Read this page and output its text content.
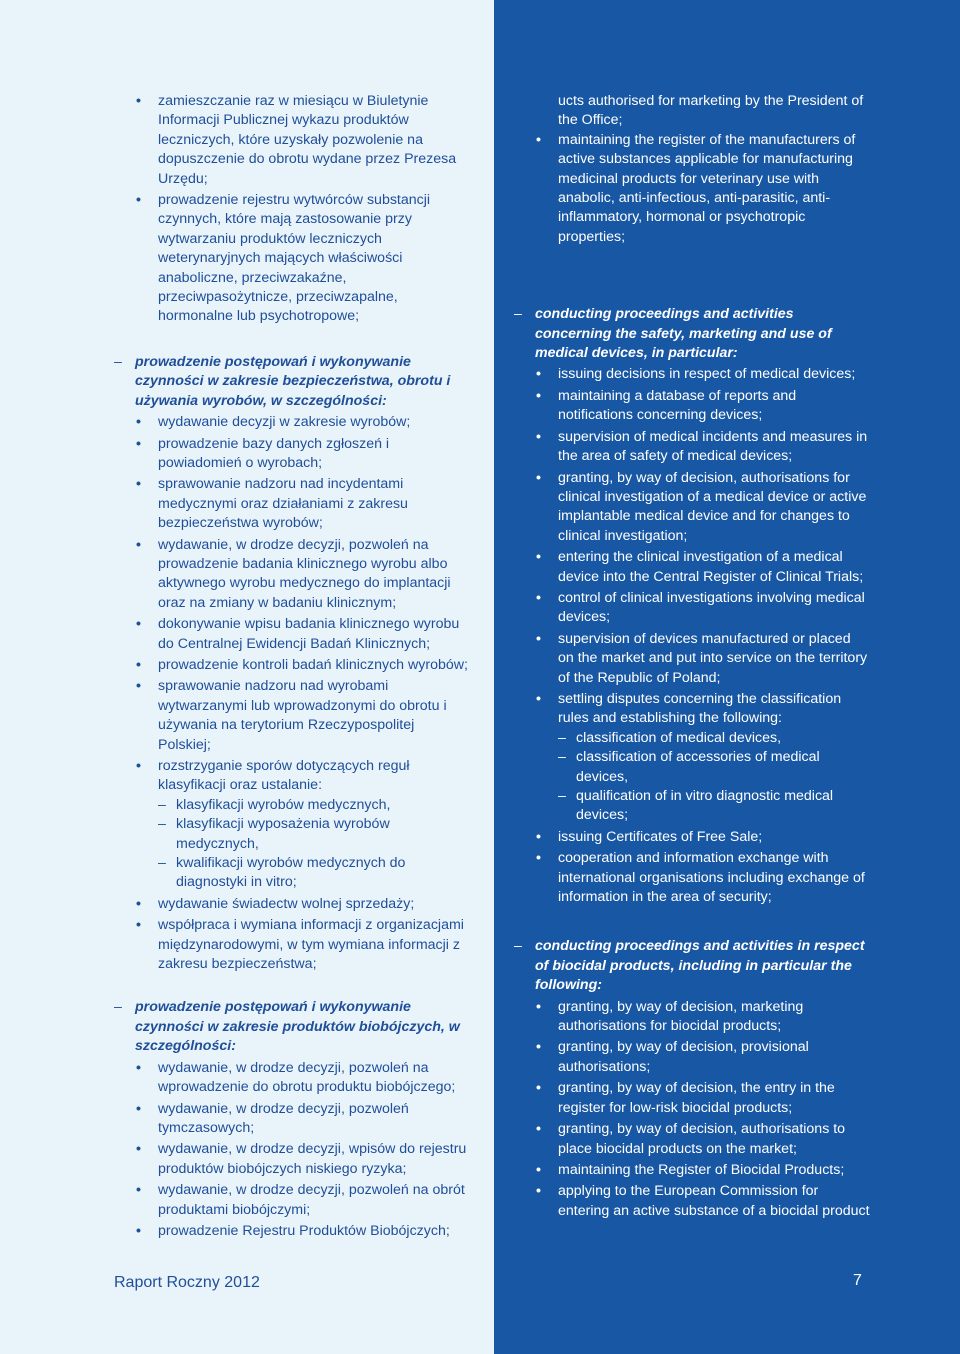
• zamieszczanie raz w miesiącu w Biuletynie Informacji Publicznej wykazu produktów leczniczych, które uzyskały pozwolenie na dopuszczenie do obrotu wydane przez Prezesa Urzędu;
• prowadzenie rejestru wytwórców substancji czynnych, które mają zastosowanie przy wytwarzaniu produktów leczniczych weterynaryjnych mających właściwości anaboliczne, przeciwzakaźne, przeciwpasożytnicze, przeciwzapalne, hormonalne lub psychotropowe;
– prowadzenie postępowań i wykonywanie czynności w zakresie bezpieczeństwa, obrotu i używania wyrobów, w szczególności:
• wydawanie decyzji w zakresie wyrobów;
• prowadzenie bazy danych zgłoszeń i powiadomień o wyrobach;
• sprawowanie nadzoru nad incydentami medycznymi oraz działaniami z zakresu bezpieczeństwa wyrobów;
• wydawanie, w drodze decyzji, pozwoleń na prowadzenie badania klinicznego wyrobu albo aktywnego wyrobu medycznego do implantacji oraz na zmiany w badaniu klinicznym;
• dokonywanie wpisu badania klinicznego wyrobu do Centralnej Ewidencji Badań Klinicznych;
• prowadzenie kontroli badań klinicznych wyrobów;
• sprawowanie nadzoru nad wyrobami wytwarzanymi lub wprowadzonymi do obrotu i używania na terytorium Rzeczypospolitej Polskiej;
• rozstrzyganie sporów dotyczących reguł klasyfikacji oraz ustalanie:
– klasyfikacji wyrobów medycznych,
– klasyfikacji wyposażenia wyrobów medycznych,
– kwalifikacji wyrobów medycznych do diagnostyki in vitro;
• wydawanie świadectw wolnej sprzedaży;
• współpraca i wymiana informacji z organizacjami międzynarodowymi, w tym wymiana informacji z zakresu bezpieczeństwa;
– prowadzenie postępowań i wykonywanie czynności w zakresie produktów biobójczych, w szczególności:
• wydawanie, w drodze decyzji, pozwoleń na wprowadzenie do obrotu produktu biobójczego;
• wydawanie, w drodze decyzji, pozwoleń tymczasowych;
• wydawanie, w drodze decyzji, wpisów do rejestru produktów biobójczych niskiego ryzyka;
• wydawanie, w drodze decyzji, pozwoleń na obrót produktami biobójczymi;
• prowadzenie Rejestru Produktów Biobójczych;
ucts authorised for marketing by the President of the Office;
• maintaining the register of the manufacturers of active substances applicable for manufacturing medicinal products for veterinary use with anabolic, anti-infectious, anti-parasitic, anti-inflammatory, hormonal or psychotropic properties;
– conducting proceedings and activities concerning the safety, marketing and use of medical devices, in particular:
• issuing decisions in respect of medical devices;
• maintaining a database of reports and notifications concerning devices;
• supervision of medical incidents and measures in the area of safety of medical devices;
• granting, by way of decision, authorisations for clinical investigation of a medical device or active implantable medical device and for changes to clinical investigation;
• entering the clinical investigation of a medical device into the Central Register of Clinical Trials;
• control of clinical investigations involving medical devices;
• supervision of devices manufactured or placed on the market and put into service on the territory of the Republic of Poland;
• settling disputes concerning the classification rules and establishing the following:
– classification of medical devices,
– classification of accessories of medical devices,
– qualification of in vitro diagnostic medical devices;
• issuing Certificates of Free Sale;
• cooperation and information exchange with international organisations including exchange of information in the area of security;
– conducting proceedings and activities in respect of biocidal products, including in particular the following:
• granting, by way of decision, marketing authorisations for biocidal products;
• granting, by way of decision, provisional authorisations;
• granting, by way of decision, the entry in the register for low-risk biocidal products;
• granting, by way of decision, authorisations to place biocidal products on the market;
• maintaining the Register of Biocidal Products;
• applying to the European Commission for entering an active substance of a biocidal product
Raport Roczny 2012	7
